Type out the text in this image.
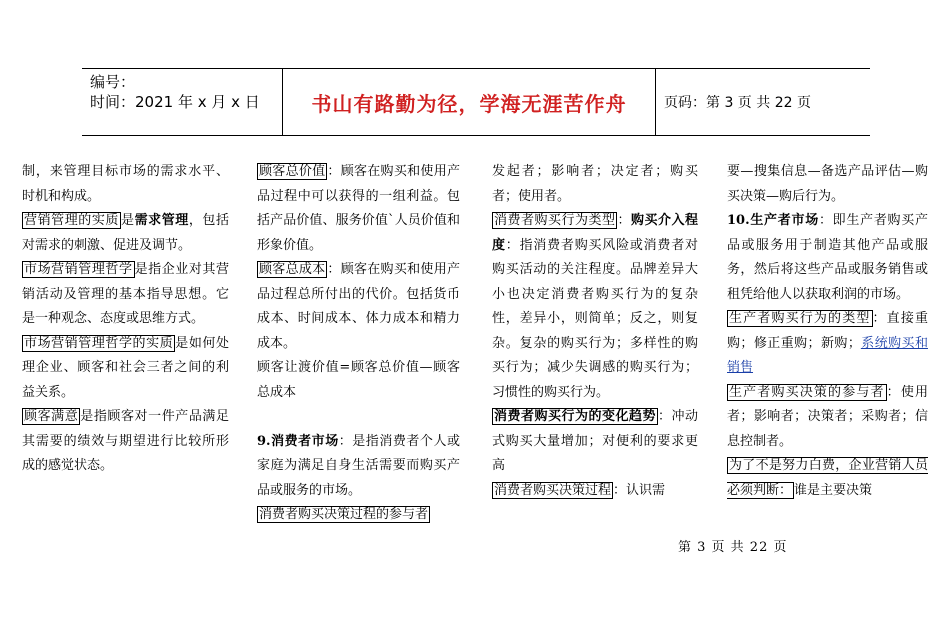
编号：
时间：2021 年 x 月 x 日	书山有路勤为径，学海无涯苦作舟	页码：第 3 页 共 22 页

制，来管理目标市场的需求水平、时机和构成。

营销管理的实质 是需求管理，包括对需求的刺激、促进及调节。

市场营销管理哲学 是指企业对其营销活动及管理的基本指导思想。它是一种观念、态度或思维方式。

市场营销管理哲学的实质 是如何处理企业、顾客和社会三者之间的利益关系。

顾客满意 是指顾客对一件产品满足其需要的绩效与期望进行比较所形成的感觉状态。

顾客总价值 ：顾客在购买和使用产品过程中可以获得的一组利益。包括产品价值、服务价值`人员价值和形象价值。

顾客总成本 ：顾客在购买和使用产品过程总所付出的代价。包括货币成本、时间成本、体力成本和精力成本。

顾客让渡价值=顾客总价值—顾客总成本

9.消费者市场：是指消费者个人或家庭为满足自身生活需要而购买产品或服务的市场。

消费者购买决策过程的参与者

发起者；影响者；决定者；购买者；使用者。

消费者购买行为类型 ：购买介入程度：指消费者购买风险或消费者对购买活动的关注程度。品牌差异大小也决定消费者购买行为的复杂性，差异小，则简单；反之，则复杂。复杂的购买行为；多样性的购买行为；减少失调感的购买行为；习惯性的购买行为。

消费者购买行为的变化趋势 ：冲动式购买大量增加；对便利的要求更高

消费者购买决策过程 ：认识需

要—搜集信息—备选产品评估—购买决策—购后行为。

10.生产者市场：即生产者购买产品或服务用于制造其他产品或服务，然后将这些产品或服务销售或租凭给他人以获取利润的市场。

生产者购买行为的类型 ：直接重购；修正重购；新购；系统购买和销售

生产者购买决策的参与者 ：使用者；影响者；决策者；采购者；信息控制者。

为了不是努力白费，企业营销人员必须判断： 谁是主要决策

第 3 页 共 22 页
